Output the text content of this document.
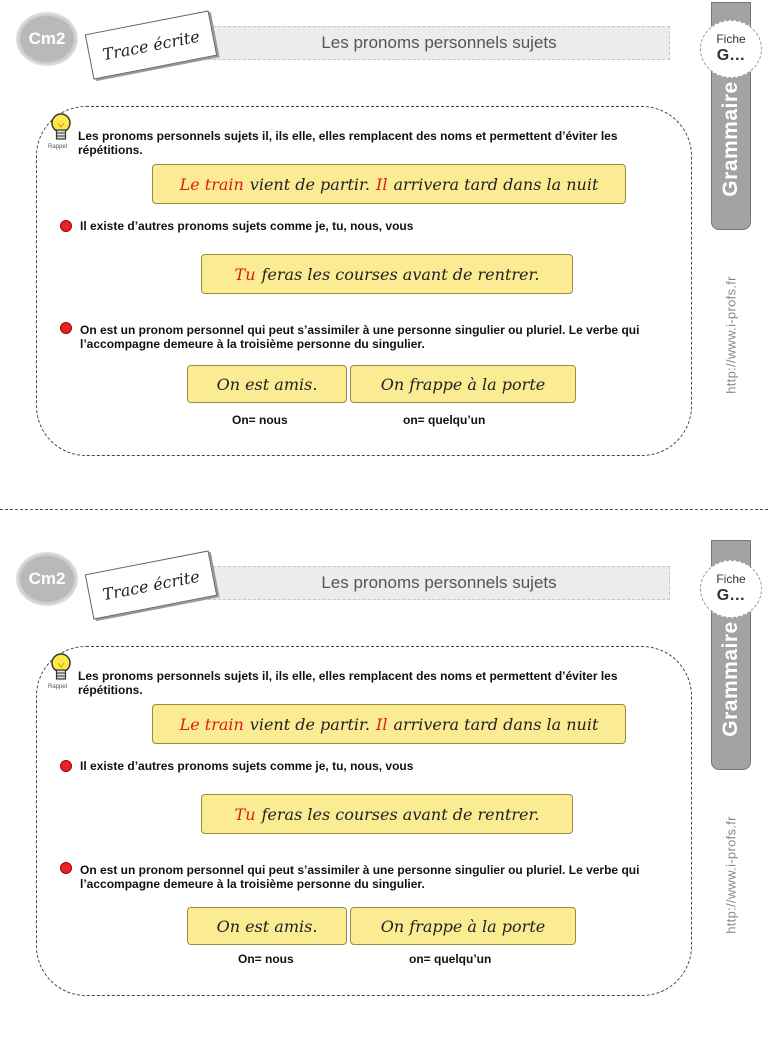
Grammaire
Cm2	Les pronoms personnels sujets
Trace écrite	Fiche
G…
http://www.i-profs.fr
Rappel
Les pronoms personnels sujets il, ils elle, elles remplacent des noms et permettent d’éviter les répétitions.
Le train vient de partir. Il arrivera tard dans la nuit
Il existe d’autres pronoms sujets comme je, tu, nous, vous
Tu feras les courses avant de rentrer.
On est un pronom personnel qui peut s’assimiler à une personne singulier ou pluriel. Le verbe qui l’accompagne demeure à la troisième personne du singulier.
On est amis.	On frappe à la porte
On= nous	on= quelqu’un
Grammaire
Cm2	Les pronoms personnels sujets
Trace écrite	Fiche
G…
http://www.i-profs.fr
Rappel
Les pronoms personnels sujets il, ils elle, elles remplacent des noms et permettent d’éviter les répétitions.
Le train vient de partir. Il arrivera tard dans la nuit
Il existe d’autres pronoms sujets comme je, tu, nous, vous
Tu feras les courses avant de rentrer.
On est un pronom personnel qui peut s’assimiler à une personne singulier ou pluriel. Le verbe qui l’accompagne demeure à la troisième personne du singulier.
On est amis.	On frappe à la porte
On= nous	on= quelqu’un
